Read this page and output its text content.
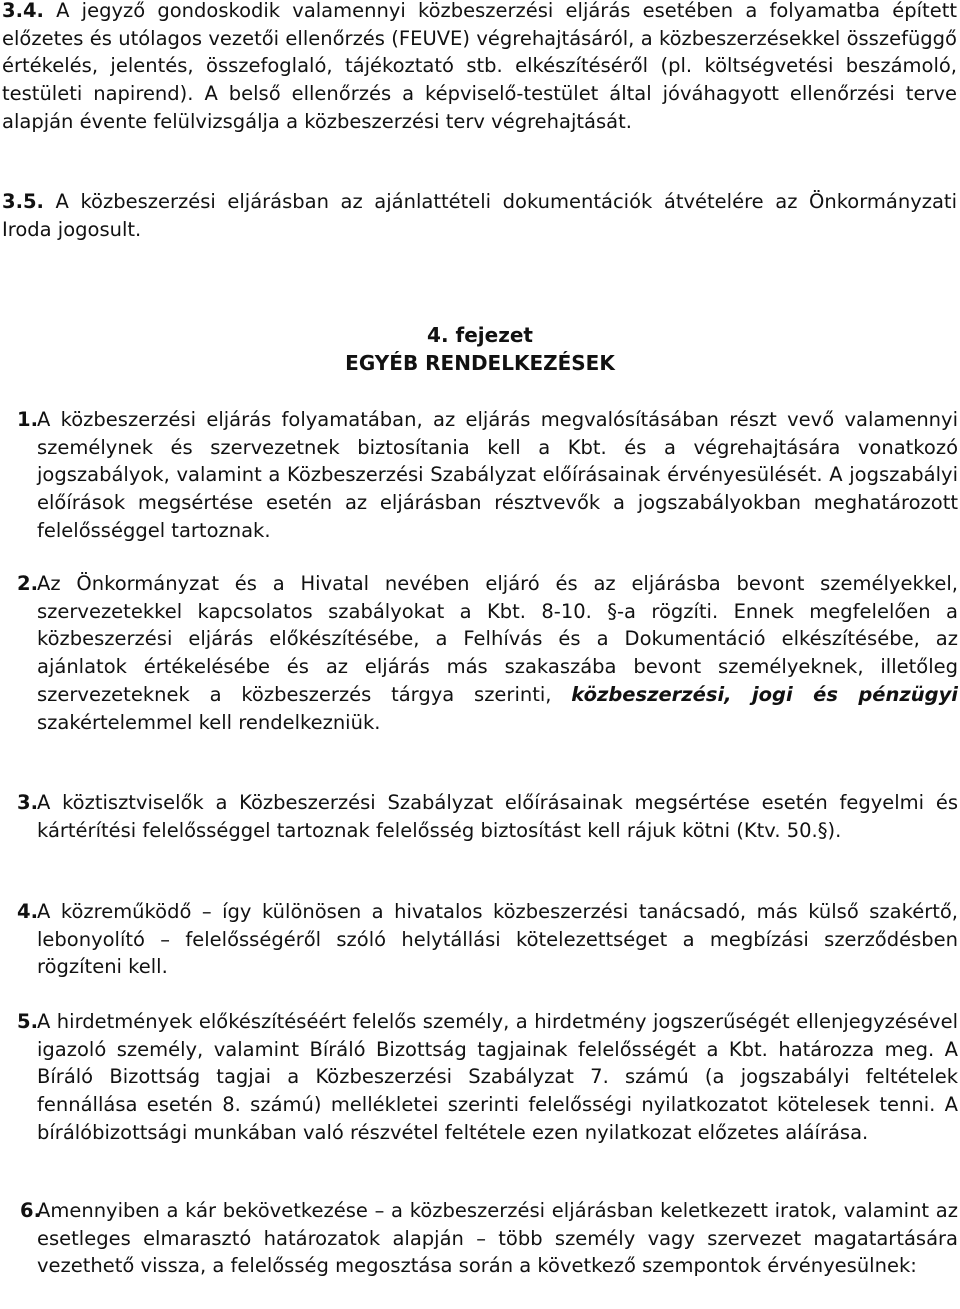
3.4. A jegyző gondoskodik valamennyi közbeszerzési eljárás esetében a folyamatba épített előzetes és utólagos vezetői ellenőrzés (FEUVE) végrehajtásáról, a közbeszerzésekkel összefüggő értékelés, jelentés, összefoglaló, tájékoztató stb. elkészítéséről (pl. költségvetési beszámoló, testületi napirend). A belső ellenőrzés a képviselő-testület által jóváhagyott ellenőrzési terve alapján évente felülvizsgálja a közbeszerzési terv végrehajtását.
3.5. A közbeszerzési eljárásban az ajánlattételi dokumentációk átvételére az Önkormányzati Iroda jogosult.
4. fejezet
EGYÉB RENDELKEZÉSEK
1. A közbeszerzési eljárás folyamatában, az eljárás megvalósításában részt vevő valamennyi személynek és szervezetnek biztosítania kell a Kbt. és a végrehajtására vonatkozó jogszabályok, valamint a Közbeszerzési Szabályzat előírásainak érvényesülését. A jogszabályi előírások megsértése esetén az eljárásban résztvevők a jogszabályokban meghatározott felelősséggel tartoznak.
2. Az Önkormányzat és a Hivatal nevében eljáró és az eljárásba bevont személyekkel, szervezetekkel kapcsolatos szabályokat a Kbt. 8-10. §-a rögzíti. Ennek megfelelően a közbeszerzési eljárás előkészítésébe, a Felhívás és a Dokumentáció elkészítésébe, az ajánlatok értékelésébe és az eljárás más szakaszába bevont személyeknek, illetőleg szervezeteknek a közbeszerzés tárgya szerinti, közbeszerzési, jogi és pénzügyi szakértelemmel kell rendelkezniük.
3. A köztisztviselők a Közbeszerzési Szabályzat előírásainak megsértése esetén fegyelmi és kártérítési felelősséggel tartoznak felelősség biztosítást kell rájuk kötni (Ktv. 50.§).
4. A közreműködő – így különösen a hivatalos közbeszerzési tanácsadó, más külső szakértő, lebonyolító – felelősségéről szóló helytállási kötelezettséget a megbízási szerződésben rögzíteni kell.
5. A hirdetmények előkészítéséért felelős személy, a hirdetmény jogszerűségét ellenjegyzésével igazoló személy, valamint Bíráló Bizottság tagjainak felelősségét a Kbt. határozza meg. A Bíráló Bizottság tagjai a Közbeszerzési Szabályzat 7. számú (a jogszabályi feltételek fennállása esetén 8. számú) mellékletei szerinti felelősségi nyilatkozatot kötelesek tenni. A bírálóbizottsági munkában való részvétel feltétele ezen nyilatkozat előzetes aláírása.
6.
Amennyiben a kár bekövetkezése – a közbeszerzési eljárásban keletkezett iratok, valamint az esetleges elmarasztó határozatok alapján – több személy vagy szervezet magatartására vezethető vissza, a felelősség megosztása során a következő szempontok érvényesülnek:
